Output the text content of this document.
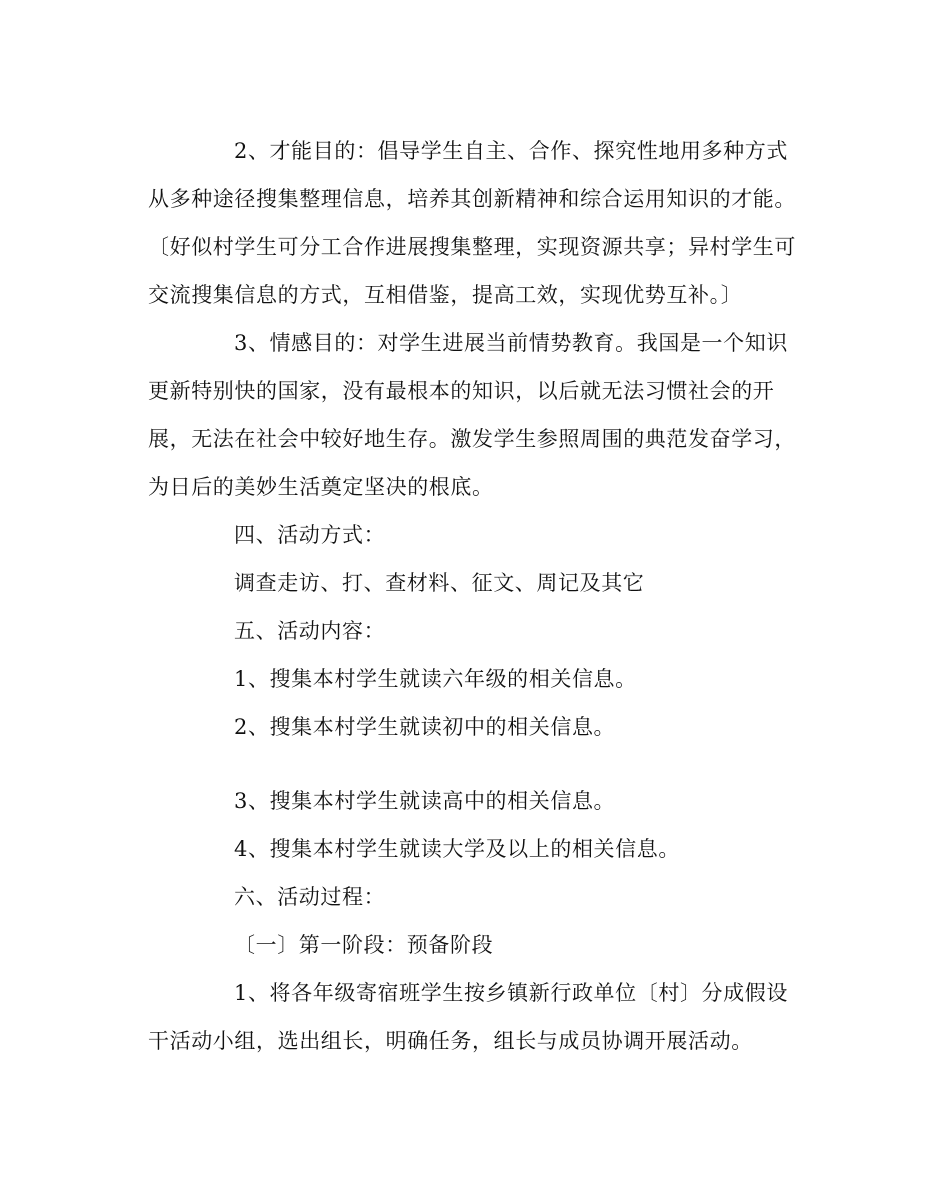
2、才能目的：倡导学生自主、合作、探究性地用多种方式从多种途径搜集整理信息，培养其创新精神和综合运用知识的才能。〔好似村学生可分工合作进展搜集整理，实现资源共享；异村学生可交流搜集信息的方式，互相借鉴，提高工效，实现优势互补。〕

3、情感目的：对学生进展当前情势教育。我国是一个知识更新特别快的国家，没有最根本的知识，以后就无法习惯社会的开展，无法在社会中较好地生存。激发学生参照周围的典范发奋学习，为日后的美妙生活奠定坚决的根底。

四、活动方式：

调查走访、打、查材料、征文、周记及其它

五、活动内容：

1、搜集本村学生就读六年级的相关信息。

2、搜集本村学生就读初中的相关信息。

3、搜集本村学生就读高中的相关信息。

4、搜集本村学生就读大学及以上的相关信息。

六、活动过程：

〔一〕第一阶段：预备阶段

1、将各年级寄宿班学生按乡镇新行政单位〔村〕分成假设干活动小组，选出组长，明确任务，组长与成员协调开展活动。
